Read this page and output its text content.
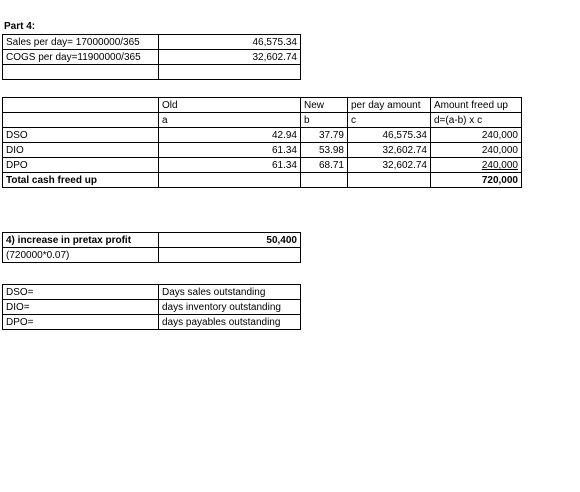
Part 4:
Sales per day= 17000000/365	46,575.34
COGS per day=11900000/365	32,602.74

	Old	New	per day amount	Amount freed up
	a	b	c	d=(a-b) x c
DSO	42.94	37.79	46,575.34	240,000
DIO	61.34	53.98	32,602.74	240,000
DPO	61.34	68.71	32,602.74	240,000
Total cash freed up				720,000
4) increase in pretax profit	50,400
(720000*0.07)	
DSO=	Days sales outstanding
DIO=	days inventory outstanding
DPO=	days payables outstanding
